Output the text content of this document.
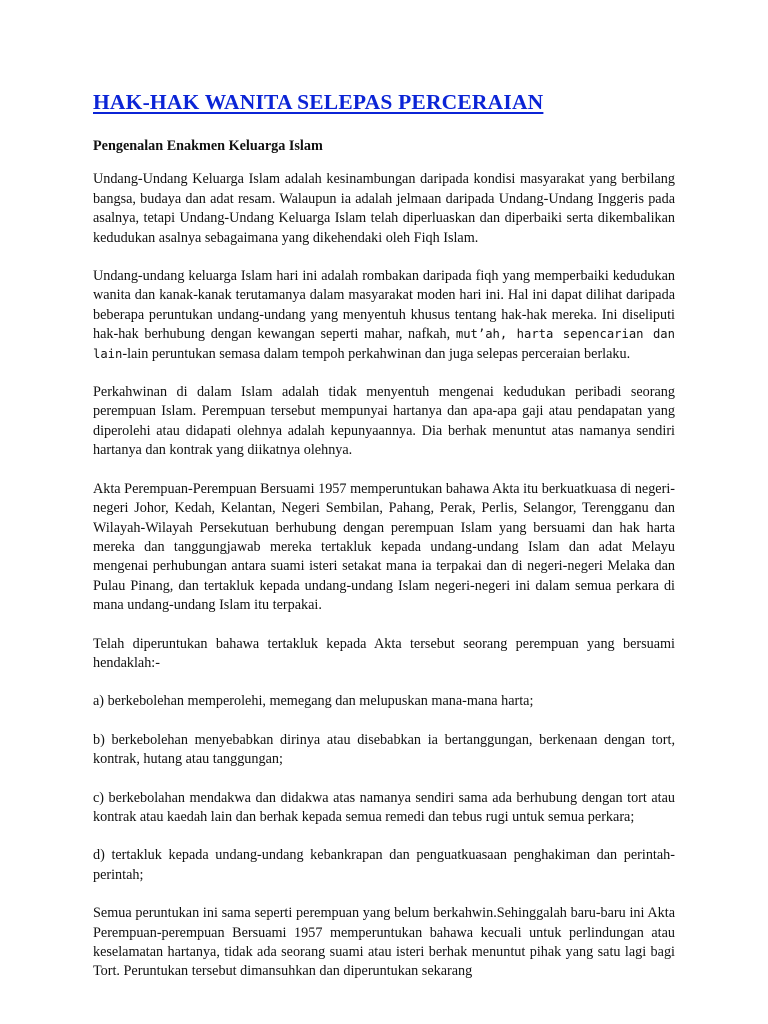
HAK-HAK WANITA SELEPAS PERCERAIAN
Pengenalan Enakmen Keluarga Islam

Undang-Undang Keluarga Islam adalah kesinambungan daripada kondisi masyarakat yang berbilang bangsa, budaya dan adat resam. Walaupun ia adalah jelmaan daripada Undang-Undang Inggeris pada asalnya, tetapi Undang-Undang Keluarga Islam telah diperluaskan dan diperbaiki serta dikembalikan kedudukan asalnya sebagaimana yang dikehendaki oleh Fiqh Islam.

Undang-undang keluarga Islam hari ini adalah rombakan daripada fiqh yang memperbaiki kedudukan wanita dan kanak-kanak terutamanya dalam masyarakat moden hari ini. Hal ini dapat dilihat daripada beberapa peruntukan undang-undang yang menyentuh khusus tentang hak-hak mereka. Ini diseliputi hak-hak berhubung dengan kewangan seperti mahar, nafkah, mut’ah, harta sepencarian dan lain-lain peruntukan semasa dalam tempoh perkahwinan dan juga selepas perceraian berlaku.

Perkahwinan di dalam Islam adalah tidak menyentuh mengenai kedudukan peribadi seorang perempuan Islam. Perempuan tersebut mempunyai hartanya dan apa-apa gaji atau pendapatan yang diperolehi atau didapati olehnya adalah kepunyaannya. Dia berhak menuntut atas namanya sendiri hartanya dan kontrak yang diikatnya olehnya.

Akta Perempuan-Perempuan Bersuami 1957 memperuntukan bahawa Akta itu berkuatkuasa di negeri-negeri Johor, Kedah, Kelantan, Negeri Sembilan, Pahang, Perak, Perlis, Selangor, Terengganu dan Wilayah-Wilayah Persekutuan berhubung dengan perempuan Islam yang bersuami dan hak harta mereka dan tanggungjawab mereka tertakluk kepada undang-undang Islam dan adat Melayu mengenai perhubungan antara suami isteri setakat mana ia terpakai dan di negeri-negeri Melaka dan Pulau Pinang, dan tertakluk kepada undang-undang Islam negeri-negeri ini dalam semua perkara di mana undang-undang Islam itu terpakai.

Telah diperuntukan bahawa tertakluk kepada Akta tersebut seorang perempuan yang bersuami hendaklah:-

a) berkebolehan memperolehi, memegang dan melupuskan mana-mana harta;

b) berkebolehan menyebabkan dirinya atau disebabkan ia bertanggungan, berkenaan dengan tort, kontrak, hutang atau tanggungan;

c) berkebolahan mendakwa dan didakwa atas namanya sendiri sama ada berhubung dengan tort atau kontrak atau kaedah lain dan berhak kepada semua remedi dan tebus rugi untuk semua perkara;

d) tertakluk kepada undang-undang kebankrapan dan penguatkuasaan penghakiman dan perintah-perintah;

Semua peruntukan ini sama seperti perempuan yang belum berkahwin.Sehinggalah baru-baru ini Akta Perempuan-perempuan Bersuami 1957 memperuntukan bahawa kecuali untuk perlindungan atau keselamatan hartanya, tidak ada seorang suami atau isteri berhak menuntut pihak yang satu lagi bagi Tort. Peruntukan tersebut dimansuhkan dan diperuntukan sekarang
